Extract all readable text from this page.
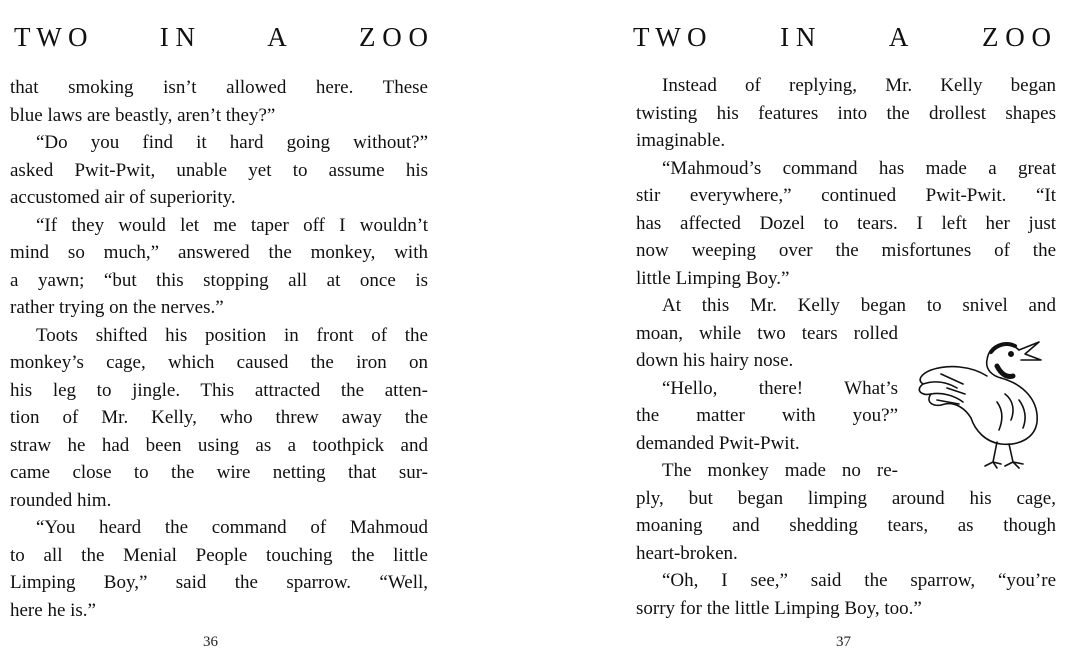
T W O	I N	A	Z O O
that smoking isn’t allowed here. These
blue laws are beastly, aren’t they?”
“Do you find it hard going without?”
asked Pwit-Pwit, unable yet to assume his
accustomed air of superiority.
“If they would let me taper off I wouldn’t
mind so much,” answered the monkey, with
a yawn; “but this stopping all at once is
rather trying on the nerves.”
Toots shifted his position in front of the
monkey’s cage, which caused the iron on
his leg to jingle. This attracted the atten-
tion of Mr. Kelly, who threw away the
straw he had been using as a toothpick and
came close to the wire netting that sur-
rounded him.
“You heard the command of Mahmoud
to all the Menial People touching the little
Limping Boy,” said the sparrow. “Well,
here he is.”
36
T W O	I N	A	Z O O
Instead of replying, Mr. Kelly began
twisting his features into the drollest shapes
imaginable.
“Mahmoud’s command has made a great
stir everywhere,” continued Pwit-Pwit. “It
has affected Dozel to tears. I left her just
now weeping over the misfortunes of the
little Limping Boy.”
At this Mr. Kelly began to snivel and
moan, while two tears rolled
down his hairy nose.
“Hello, there! What’s
the matter with you?”
demanded Pwit-Pwit.
The monkey made no re-
ply, but began limping around his cage,
moaning and shedding tears, as though
heart-broken.
“Oh, I see,” said the sparrow, “you’re
sorry for the little Limping Boy, too.”
37
